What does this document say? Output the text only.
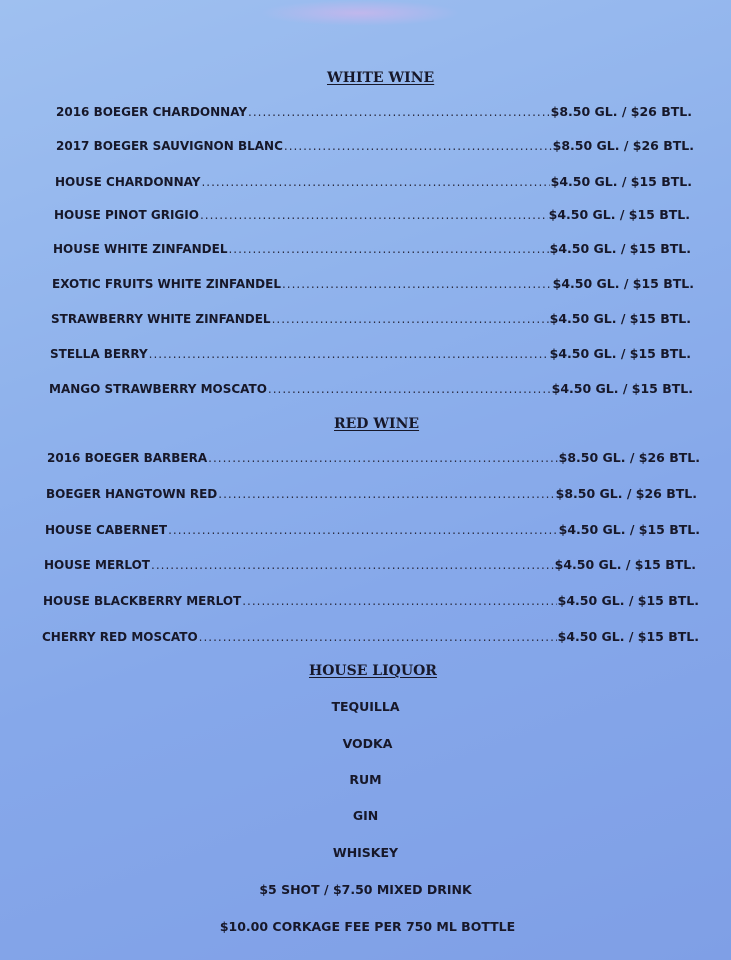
WHITE WINE
2016 BOEGER CHARDONNAY .....	$8.50 GL. / $26 BTL.
2017 BOEGER SAUVIGNON BLANC .....	$8.50 GL. / $26 BTL.
HOUSE CHARDONNAY .....	$4.50 GL. / $15 BTL.
HOUSE PINOT GRIGIO .....	$4.50 GL. / $15 BTL.
HOUSE WHITE ZINFANDEL .....	$4.50 GL. / $15 BTL.
EXOTIC FRUITS WHITE ZINFANDEL .....	$4.50 GL. / $15 BTL.
STRAWBERRY WHITE ZINFANDEL .....	$4.50 GL. / $15 BTL.
STELLA BERRY .....	$4.50 GL. / $15 BTL.
MANGO STRAWBERRY MOSCATO .....	$4.50 GL. / $15 BTL.
RED WINE
2016 BOEGER BARBERA .....	$8.50 GL. / $26 BTL.
BOEGER HANGTOWN RED .....	$8.50 GL. / $26 BTL.
HOUSE CABERNET .....	$4.50 GL. / $15 BTL.
HOUSE MERLOT .....	$4.50 GL. / $15 BTL.
HOUSE BLACKBERRY MERLOT .....	$4.50 GL. / $15 BTL.
CHERRY RED MOSCATO .....	$4.50 GL. / $15 BTL.
HOUSE LIQUOR
TEQUILLA
VODKA
RUM
GIN
WHISKEY
$5 SHOT / $7.50 MIXED DRINK
$10.00 CORKAGE FEE PER 750 ML BOTTLE
